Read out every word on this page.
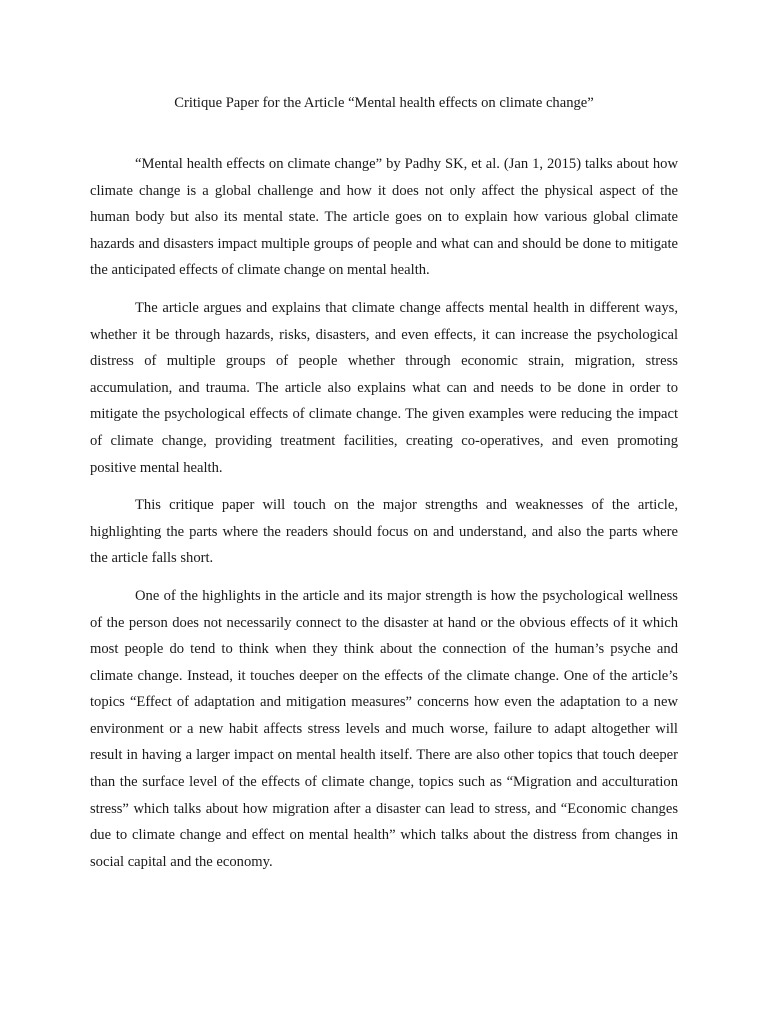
Critique Paper for the Article “Mental health effects on climate change”

“Mental health effects on climate change” by Padhy SK, et al. (Jan 1, 2015) talks about how climate change is a global challenge and how it does not only affect the physical aspect of the human body but also its mental state. The article goes on to explain how various global climate hazards and disasters impact multiple groups of people and what can and should be done to mitigate the anticipated effects of climate change on mental health.

The article argues and explains that climate change affects mental health in different ways, whether it be through hazards, risks, disasters, and even effects, it can increase the psychological distress of multiple groups of people whether through economic strain, migration, stress accumulation, and trauma. The article also explains what can and needs to be done in order to mitigate the psychological effects of climate change. The given examples were reducing the impact of climate change, providing treatment facilities, creating co-operatives, and even promoting positive mental health.

This critique paper will touch on the major strengths and weaknesses of the article, highlighting the parts where the readers should focus on and understand, and also the parts where the article falls short.

One of the highlights in the article and its major strength is how the psychological wellness of the person does not necessarily connect to the disaster at hand or the obvious effects of it which most people do tend to think when they think about the connection of the human’s psyche and climate change. Instead, it touches deeper on the effects of the climate change. One of the article’s topics “Effect of adaptation and mitigation measures” concerns how even the adaptation to a new environment or a new habit affects stress levels and much worse, failure to adapt altogether will result in having a larger impact on mental health itself. There are also other topics that touch deeper than the surface level of the effects of climate change, topics such as “Migration and acculturation stress” which talks about how migration after a disaster can lead to stress, and “Economic changes due to climate change and effect on mental health” which talks about the distress from changes in social capital and the economy.
